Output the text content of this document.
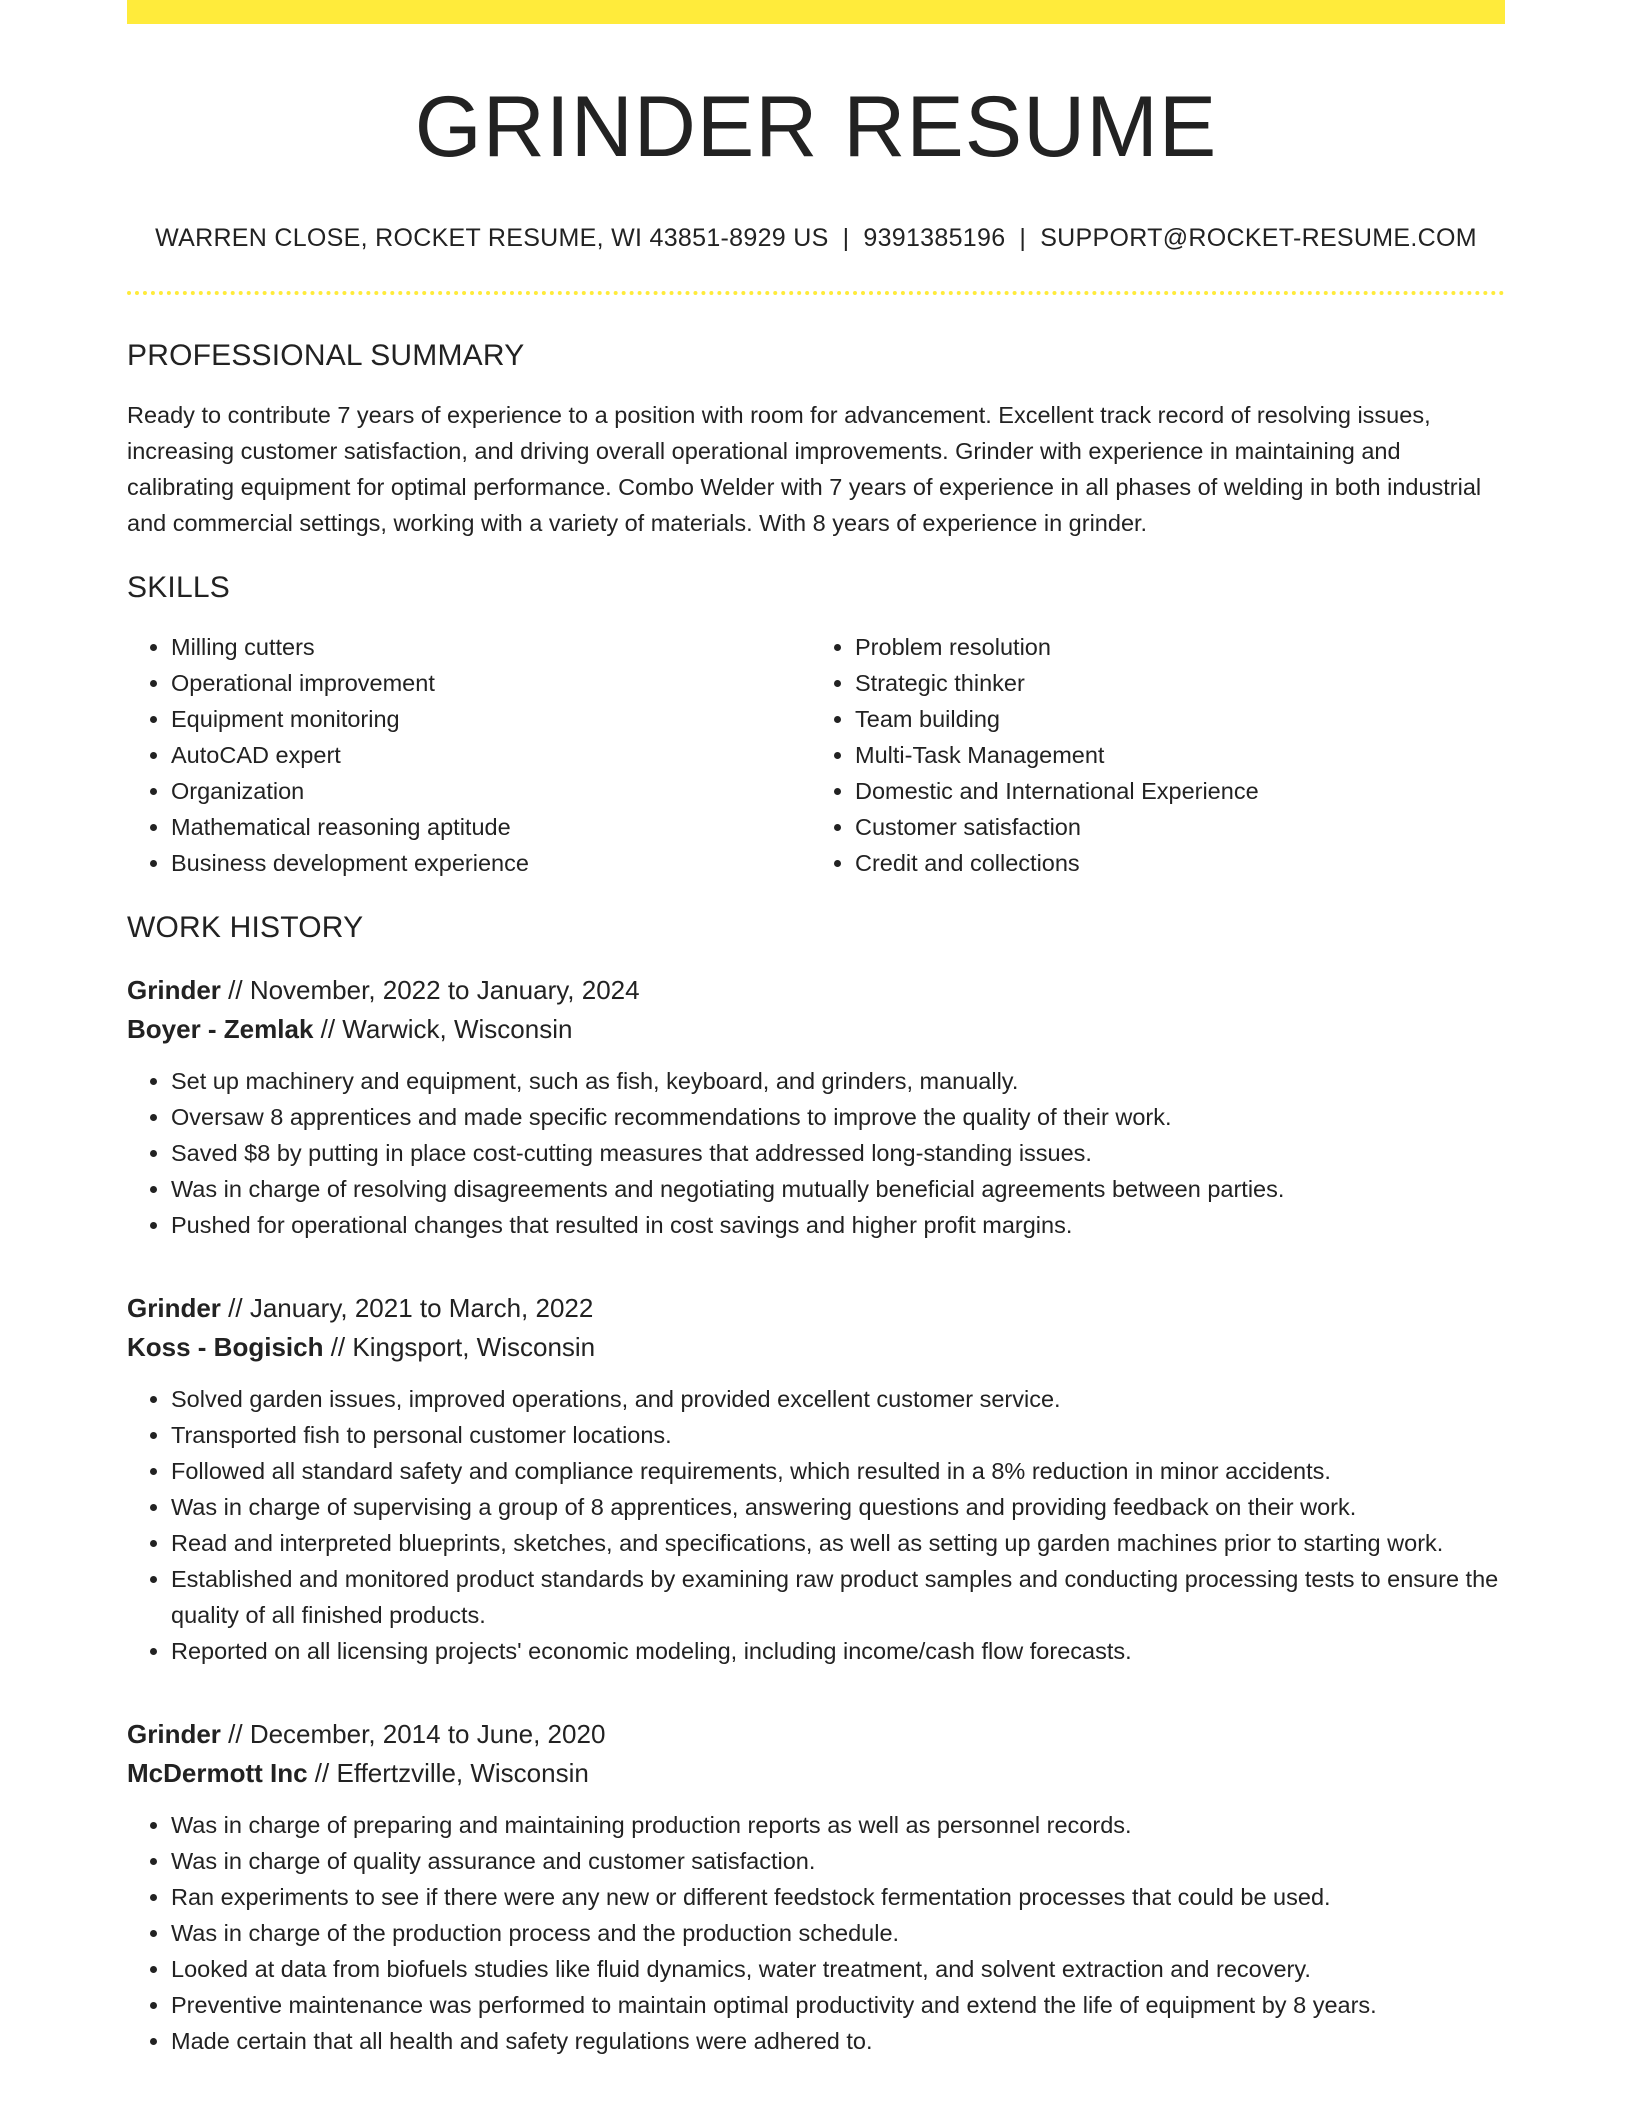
GRINDER RESUME
WARREN CLOSE, ROCKET RESUME, WI 43851-8929 US | 9391385196 | SUPPORT@ROCKET-RESUME.COM
PROFESSIONAL SUMMARY

Ready to contribute 7 years of experience to a position with room for advancement. Excellent track record of resolving issues, increasing customer satisfaction, and driving overall operational improvements. Grinder with experience in maintaining and calibrating equipment for optimal performance. Combo Welder with 7 years of experience in all phases of welding in both industrial and commercial settings, working with a variety of materials. With 8 years of experience in grinder.

SKILLS
• Milling cutters
• Operational improvement
• Equipment monitoring
• AutoCAD expert
• Organization
• Mathematical reasoning aptitude
• Business development experience
• Problem resolution
• Strategic thinker
• Team building
• Multi-Task Management
• Domestic and International Experience
• Customer satisfaction
• Credit and collections
WORK HISTORY
Grinder // November, 2022 to January, 2024
Boyer - Zemlak // Warwick, Wisconsin
• Set up machinery and equipment, such as fish, keyboard, and grinders, manually.
• Oversaw 8 apprentices and made specific recommendations to improve the quality of their work.
• Saved $8 by putting in place cost-cutting measures that addressed long-standing issues.
• Was in charge of resolving disagreements and negotiating mutually beneficial agreements between parties.
• Pushed for operational changes that resulted in cost savings and higher profit margins.
Grinder // January, 2021 to March, 2022
Koss - Bogisich // Kingsport, Wisconsin
• Solved garden issues, improved operations, and provided excellent customer service.
• Transported fish to personal customer locations.
• Followed all standard safety and compliance requirements, which resulted in a 8% reduction in minor accidents.
• Was in charge of supervising a group of 8 apprentices, answering questions and providing feedback on their work.
• Read and interpreted blueprints, sketches, and specifications, as well as setting up garden machines prior to starting work.
• Established and monitored product standards by examining raw product samples and conducting processing tests to ensure the quality of all finished products.
• Reported on all licensing projects' economic modeling, including income/cash flow forecasts.
Grinder // December, 2014 to June, 2020
McDermott Inc // Effertzville, Wisconsin
• Was in charge of preparing and maintaining production reports as well as personnel records.
• Was in charge of quality assurance and customer satisfaction.
• Ran experiments to see if there were any new or different feedstock fermentation processes that could be used.
• Was in charge of the production process and the production schedule.
• Looked at data from biofuels studies like fluid dynamics, water treatment, and solvent extraction and recovery.
• Preventive maintenance was performed to maintain optimal productivity and extend the life of equipment by 8 years.
• Made certain that all health and safety regulations were adhered to.
